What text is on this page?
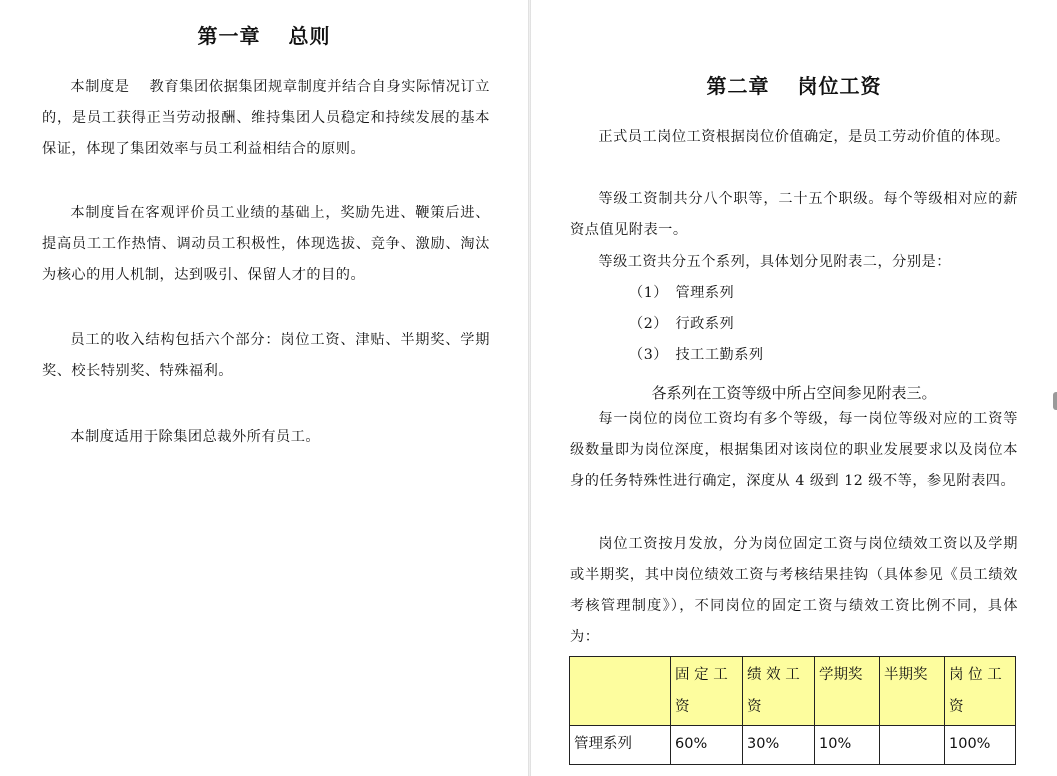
第一章 总则

本制度是　 教育集团依据集团规章制度并结合自身实际情况订立的，是员工获得正当劳动报酬、维持集团人员稳定和持续发展的基本保证，体现了集团效率与员工利益相结合的原则。

本制度旨在客观评价员工业绩的基础上，奖励先进、鞭策后进、提高员工工作热情、调动员工积极性，体现选拔、竞争、激励、淘汰为核心的用人机制，达到吸引、保留人才的目的。

员工的收入结构包括六个部分：岗位工资、津贴、半期奖、学期奖、校长特别奖、特殊福利。

本制度适用于除集团总裁外所有员工。

第二章 岗位工资

正式员工岗位工资根据岗位价值确定，是员工劳动价值的体现。

等级工资制共分八个职等，二十五个职级。每个等级相对应的薪资点值见附表一。

等级工资共分五个系列，具体划分见附表二，分别是：

（1）　管理系列
（2）　行政系列
（3）　技工工勤系列
各系列在工资等级中所占空间参见附表三。

每一岗位的岗位工资均有多个等级，每一岗位等级对应的工资等级数量即为岗位深度，根据集团对该岗位的职业发展要求以及岗位本身的任务特殊性进行确定，深度从 4 级到 12 级不等，参见附表四。

岗位工资按月发放，分为岗位固定工资与岗位绩效工资以及学期或半期奖，其中岗位绩效工资与考核结果挂钩（具体参见《员工绩效考核管理制度》），不同岗位的固定工资与绩效工资比例不同，具体为：

	固 定 工 资	绩 效 工 资	学期奖	半期奖	岗 位 工 资
管理系列	60%	30%	10%		100%
